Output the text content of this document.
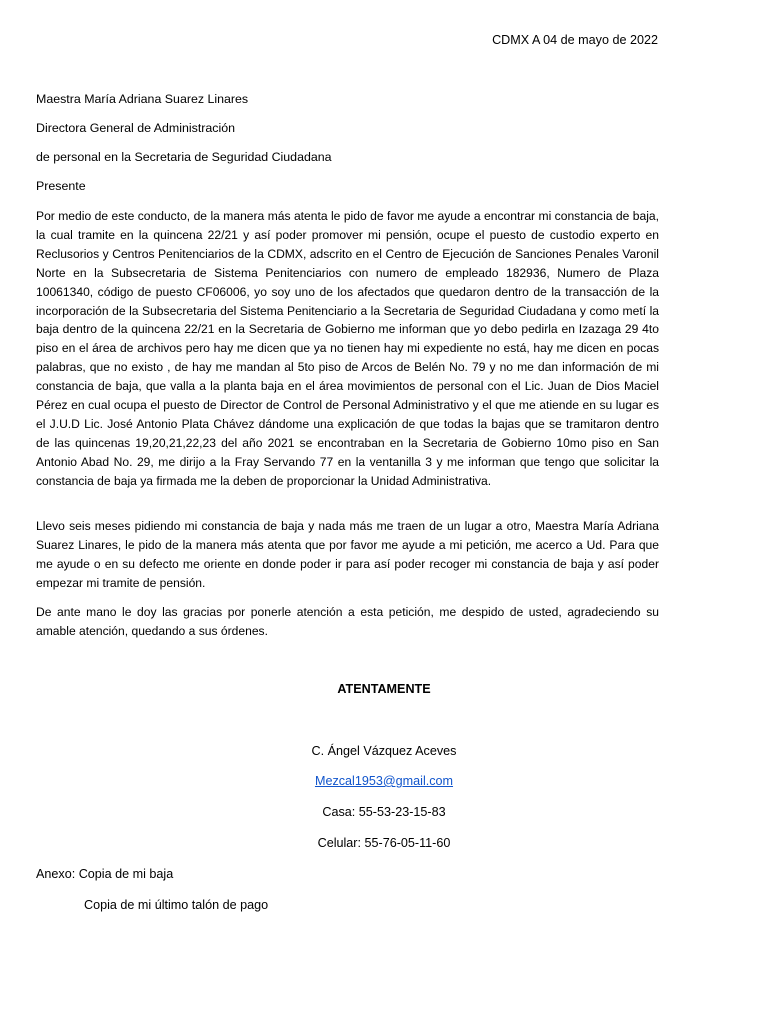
CDMX A 04 de mayo de 2022
Maestra María Adriana Suarez Linares
Directora General de Administración
de personal en la Secretaria de Seguridad Ciudadana
Presente

Por medio de este conducto, de la manera más atenta le pido de favor me ayude a encontrar mi constancia de baja, la cual tramite en la quincena 22/21 y así poder promover mi pensión, ocupe el puesto de custodio experto en Reclusorios y Centros Penitenciarios de la CDMX, adscrito en el Centro de Ejecución de Sanciones Penales Varonil Norte en la Subsecretaria de Sistema Penitenciarios con numero de empleado 182936, Numero de Plaza 10061340, código de puesto CF06006, yo soy uno de los afectados que quedaron dentro de la transacción de la incorporación de la Subsecretaria del Sistema Penitenciario a la Secretaria de Seguridad Ciudadana y como metí la baja dentro de la quincena 22/21 en la Secretaria de Gobierno me informan que yo debo pedirla en Izazaga 29 4to piso en el área de archivos pero hay me dicen que ya no tienen hay mi expediente no está, hay me dicen en pocas palabras, que no existo , de hay me mandan al 5to piso de Arcos de Belén No. 79 y no me dan información de mi constancia de baja, que valla a la planta baja en el área movimientos de personal con el Lic. Juan de Dios Maciel Pérez en cual ocupa el puesto de Director de Control de Personal Administrativo y el que me atiende en su lugar es el J.U.D Lic. José Antonio Plata Chávez dándome una explicación de que todas la bajas que se tramitaron dentro de las quincenas 19,20,21,22,23 del año 2021 se encontraban en la Secretaria de Gobierno 10mo piso en San Antonio Abad No. 29, me dirijo a la Fray Servando 77 en la ventanilla 3 y me informan que tengo que solicitar la constancia de baja ya firmada me la deben de proporcionar la Unidad Administrativa.

Llevo seis meses pidiendo mi constancia de baja y nada más me traen de un lugar a otro, Maestra María Adriana Suarez Linares, le pido de la manera más atenta que por favor me ayude a mi petición, me acerco a Ud. Para que me ayude o en su defecto me oriente en donde poder ir para así poder recoger mi constancia de baja y así poder empezar mi tramite de pensión.

De ante mano le doy las gracias por ponerle atención a esta petición, me despido de usted, agradeciendo su amable atención, quedando a sus órdenes.

ATENTAMENTE
C. Ángel Vázquez Aceves
Mezcal1953@gmail.com
Casa: 55-53-23-15-83
Celular: 55-76-05-11-60
Anexo: Copia de mi baja
Copia de mi último talón de pago
